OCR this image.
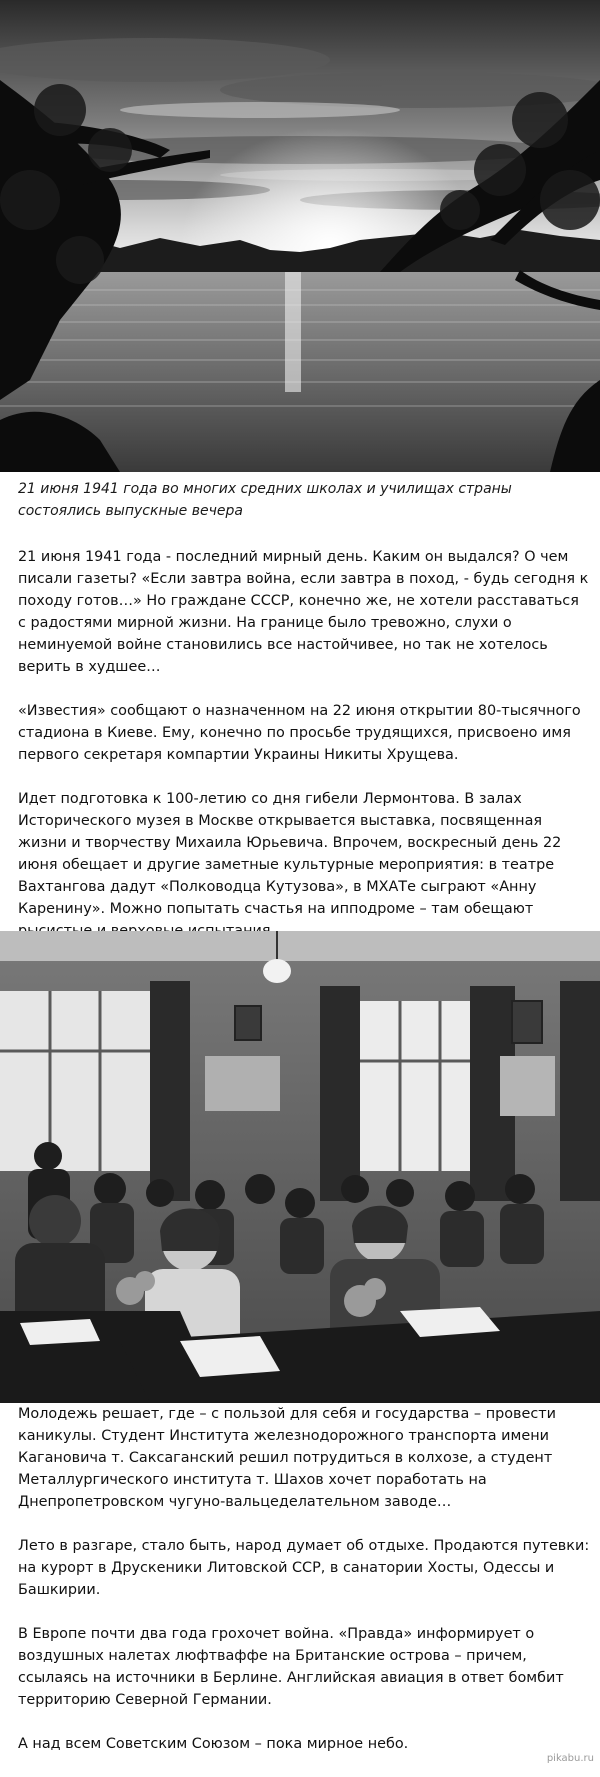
21 июня 1941 года во многих средних школах и училищах страны состоялись выпускные вечера

21 июня 1941 года - последний мирный день. Каким он выдался? О чем писали газеты? «Если завтра война, если завтра в поход, - будь сегодня к походу готов…» Но граждане СССР, конечно же, не хотели расставаться с радостями мирной жизни. На границе было тревожно, слухи о неминуемой войне становились все настойчивее, но так не хотелось верить в худшее…

«Известия» сообщают о назначенном на 22 июня открытии 80-тысячного стадиона в Киеве. Ему, конечно по просьбе трудящихся, присвоено имя первого секретаря компартии Украины Никиты Хрущева.

Идет подготовка к 100-летию со дня гибели Лермонтова. В залах Исторического музея в Москве открывается выставка, посвященная жизни и творчеству Михаила Юрьевича. Впрочем, воскресный день 22 июня обещает и другие заметные культурные мероприятия: в театре Вахтангова дадут «Полководца Кутузова», в МХАТе сыграют «Анну Каренину». Можно попытать счастья на ипподроме – там обещают

Молодежь решает, где – с пользой для себя и государства – провести каникулы. Студент Института железнодорожного транспорта имени Кагановича т. Саксаганский решил потрудиться в колхозе, а студент Металлургического института т. Шахов хочет поработать на Днепропетровском чугуно-вальцеделательном заводе…

Лето в разгаре, стало быть, народ думает об отдыхе. Продаются путевки: на курорт в Друскеники Литовской ССР, в санатории Хосты, Одессы и Башкирии.

В Европе почти два года грохочет война. «Правда» информирует о воздушных налетах люфтваффе на Британские острова – причем, ссылаясь на источники в Берлине. Английская авиация в ответ бомбит территорию Северной Германии.

А над всем Советским Союзом – пока мирное небо.

pikabu.ru
